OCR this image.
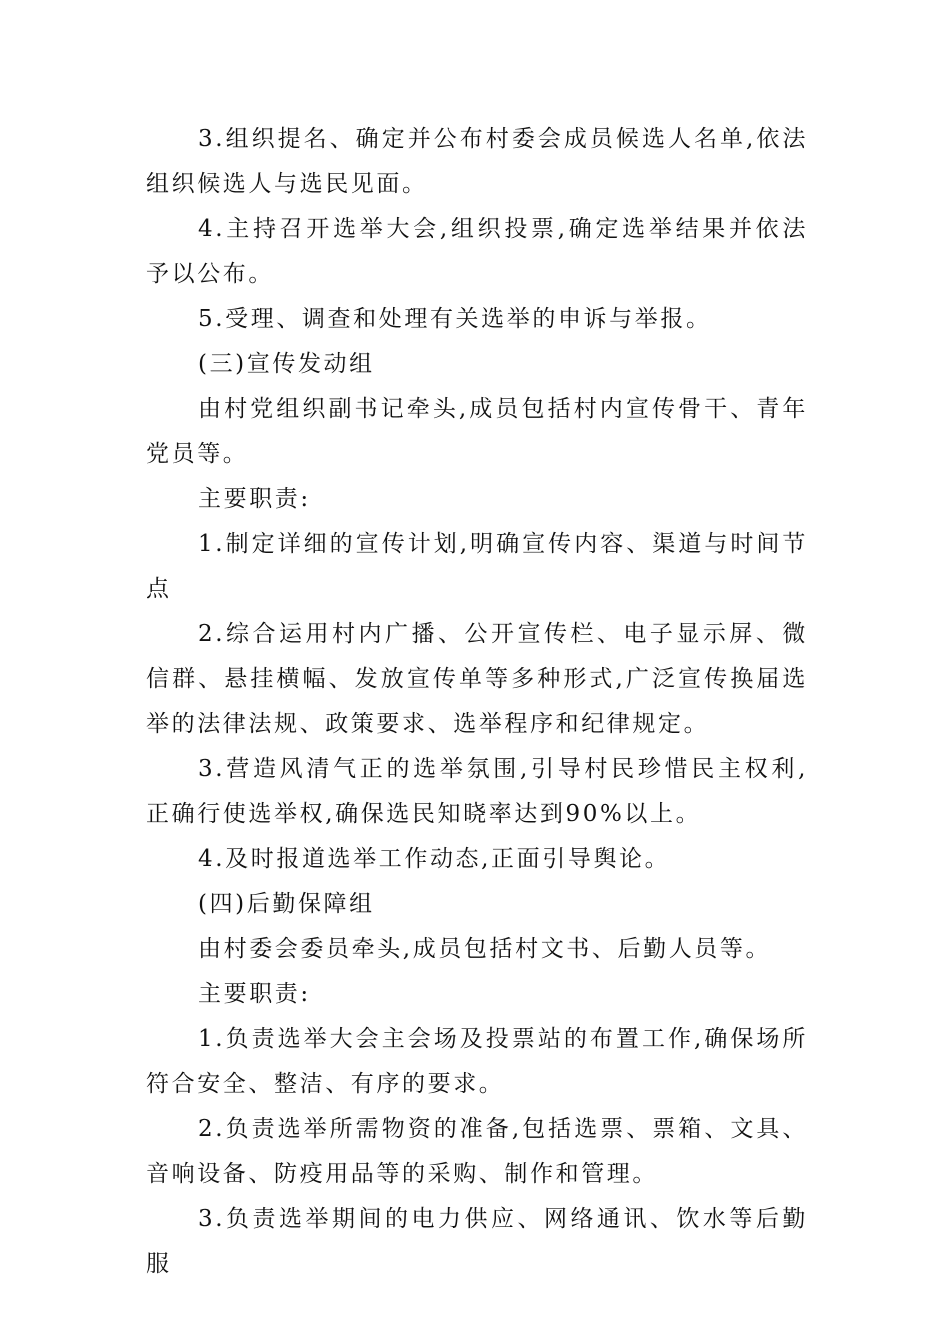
3.组织提名、确定并公布村委会成员候选人名单,依法组织候选人与选民见面。

4.主持召开选举大会,组织投票,确定选举结果并依法予以公布。

5.受理、调查和处理有关选举的申诉与举报。

(三)宣传发动组

由村党组织副书记牵头,成员包括村内宣传骨干、青年党员等。

主要职责:

1.制定详细的宣传计划,明确宣传内容、渠道与时间节点

2.综合运用村内广播、公开宣传栏、电子显示屏、微信群、悬挂横幅、发放宣传单等多种形式,广泛宣传换届选举的法律法规、政策要求、选举程序和纪律规定。

3.营造风清气正的选举氛围,引导村民珍惜民主权利,正确行使选举权,确保选民知晓率达到90%以上。

4.及时报道选举工作动态,正面引导舆论。

(四)后勤保障组

由村委会委员牵头,成员包括村文书、后勤人员等。

主要职责:

1.负责选举大会主会场及投票站的布置工作,确保场所符合安全、整洁、有序的要求。

2.负责选举所需物资的准备,包括选票、票箱、文具、音响设备、防疫用品等的采购、制作和管理。

3.负责选举期间的电力供应、网络通讯、饮水等后勤服
